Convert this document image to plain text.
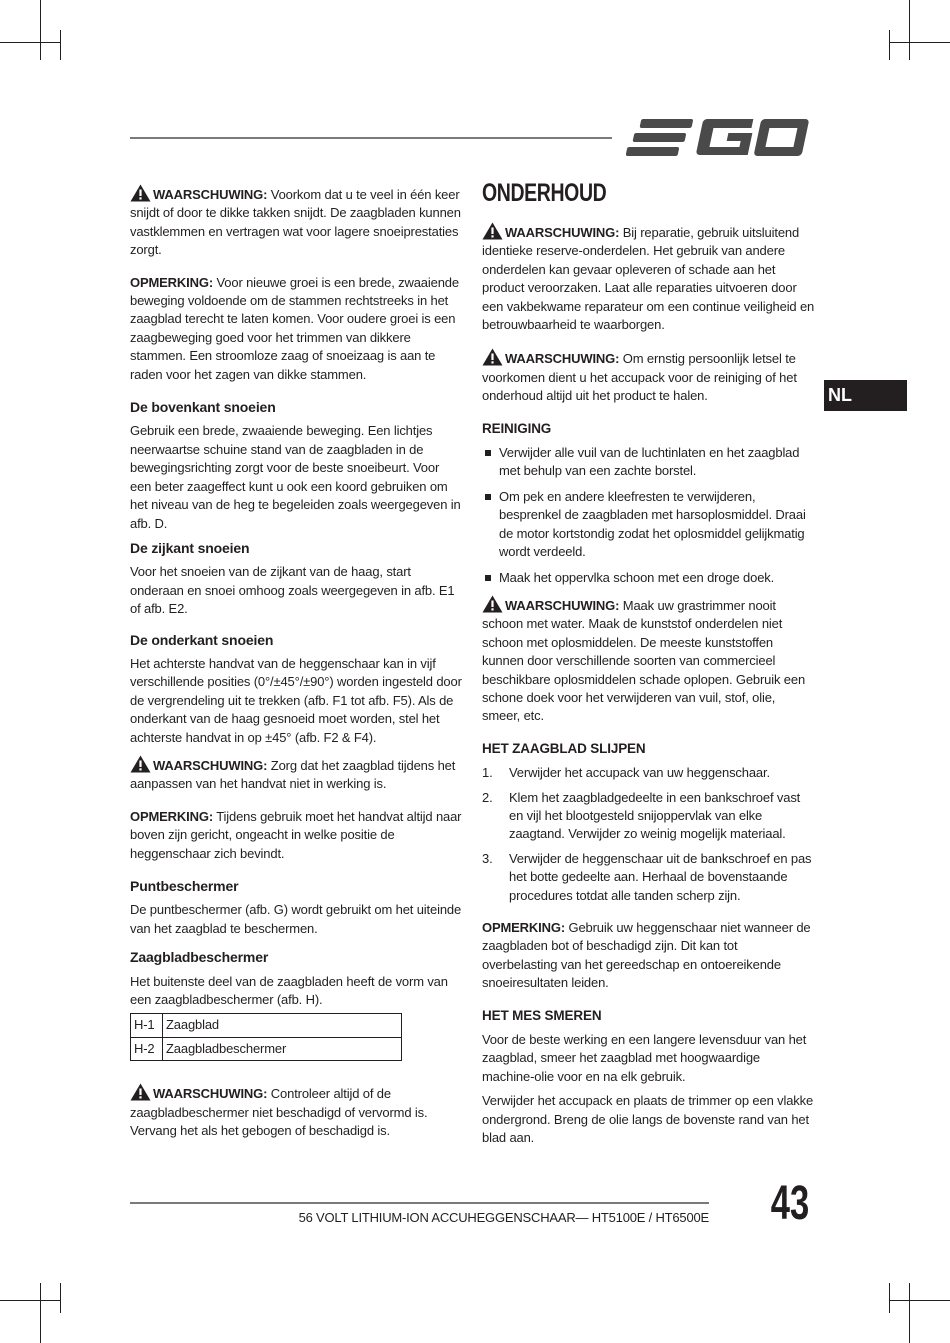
NL

WAARSCHUWING: Voorkom dat u te veel in één keer snijdt of door te dikke takken snijdt. De zaagbladen kunnen vastklemmen en vertragen wat voor lagere snoeiprestaties zorgt.

OPMERKING: Voor nieuwe groei is een brede, zwaaiende beweging voldoende om de stammen rechtstreeks in het zaagblad terecht te laten komen. Voor oudere groei is een zaagbeweging goed voor het trimmen van dikkere stammen. Een stroomloze zaag of snoeizaag is aan te raden voor het zagen van dikke stammen.

De bovenkant snoeien

Gebruik een brede, zwaaiende beweging. Een lichtjes neerwaartse schuine stand van de zaagbladen in de bewegingsrichting zorgt voor de beste snoeibeurt. Voor een beter zaageffect kunt u ook een koord gebruiken om het niveau van de heg te begeleiden zoals weergegeven in afb. D.

De zijkant snoeien

Voor het snoeien van de zijkant van de haag, start onderaan en snoei omhoog zoals weergegeven in afb. E1 of afb. E2.

De onderkant snoeien

Het achterste handvat van de heggenschaar kan in vijf verschillende posities (0°/±45°/±90°) worden ingesteld door de vergrendeling uit te trekken (afb. F1 tot afb. F5). Als de onderkant van de haag gesnoeid moet worden, stel het achterste handvat in op ±45° (afb. F2 & F4).

WAARSCHUWING: Zorg dat het zaagblad tijdens het aanpassen van het handvat niet in werking is.

OPMERKING: Tijdens gebruik moet het handvat altijd naar boven zijn gericht, ongeacht in welke positie de heggenschaar zich bevindt.

Puntbeschermer

De puntbeschermer (afb. G) wordt gebruikt om het uiteinde van het zaagblad te beschermen.

Zaagbladbeschermer

Het buitenste deel van de zaagbladen heeft de vorm van een zaagbladbeschermer (afb. H).

H-1	Zaagblad
H-2	Zaagbladbeschermer

WAARSCHUWING: Controleer altijd of de zaagbladbeschermer niet beschadigd of vervormd is. Vervang het als het gebogen of beschadigd is.

ONDERHOUD

WAARSCHUWING: Bij reparatie, gebruik uitsluitend identieke reserve-onderdelen. Het gebruik van andere onderdelen kan gevaar opleveren of schade aan het product veroorzaken. Laat alle reparaties uitvoeren door een vakbekwame reparateur om een continue veiligheid en betrouwbaarheid te waarborgen.

WAARSCHUWING: Om ernstig persoonlijk letsel te voorkomen dient u het accupack voor de reiniging of het onderhoud altijd uit het product te halen.

REINIGING
Verwijder alle vuil van de luchtinlaten en het zaagblad met behulp van een zachte borstel.
Om pek en andere kleefresten te verwijderen, besprenkel de zaagbladen met harsoplosmiddel. Draai de motor kortstondig zodat het oplosmiddel gelijkmatig wordt verdeeld.
Maak het oppervlka schoon met een droge doek.

WAARSCHUWING: Maak uw grastrimmer nooit schoon met water. Maak de kunststof onderdelen niet schoon met oplosmiddelen. De meeste kunststoffen kunnen door verschillende soorten van commercieel beschikbare oplosmiddelen schade oplopen. Gebruik een schone doek voor het verwijderen van vuil, stof, olie, smeer, etc.

HET ZAAGBLAD SLIJPEN
1. Verwijder het accupack van uw heggenschaar.
2. Klem het zaagbladgedeelte in een bankschroef vast en vijl het blootgesteld snijoppervlak van elke zaagtand. Verwijder zo weinig mogelijk materiaal.
3. Verwijder de heggenschaar uit de bankschroef en pas het botte gedeelte aan. Herhaal de bovenstaande procedures totdat alle tanden scherp zijn.

OPMERKING: Gebruik uw heggenschaar niet wanneer de zaagbladen bot of beschadigd zijn. Dit kan tot overbelasting van het gereedschap en ontoereikende snoeiresultaten leiden.

HET MES SMEREN

Voor de beste werking en een langere levensduur van het zaagblad, smeer het zaagblad met hoogwaardige machine-olie voor en na elk gebruik.

Verwijder het accupack en plaats de trimmer op een vlakke ondergrond. Breng de olie langs de bovenste rand van het blad aan.

56 VOLT LITHIUM-ION ACCUHEGGENSCHAAR— HT5100E / HT6500E 43
